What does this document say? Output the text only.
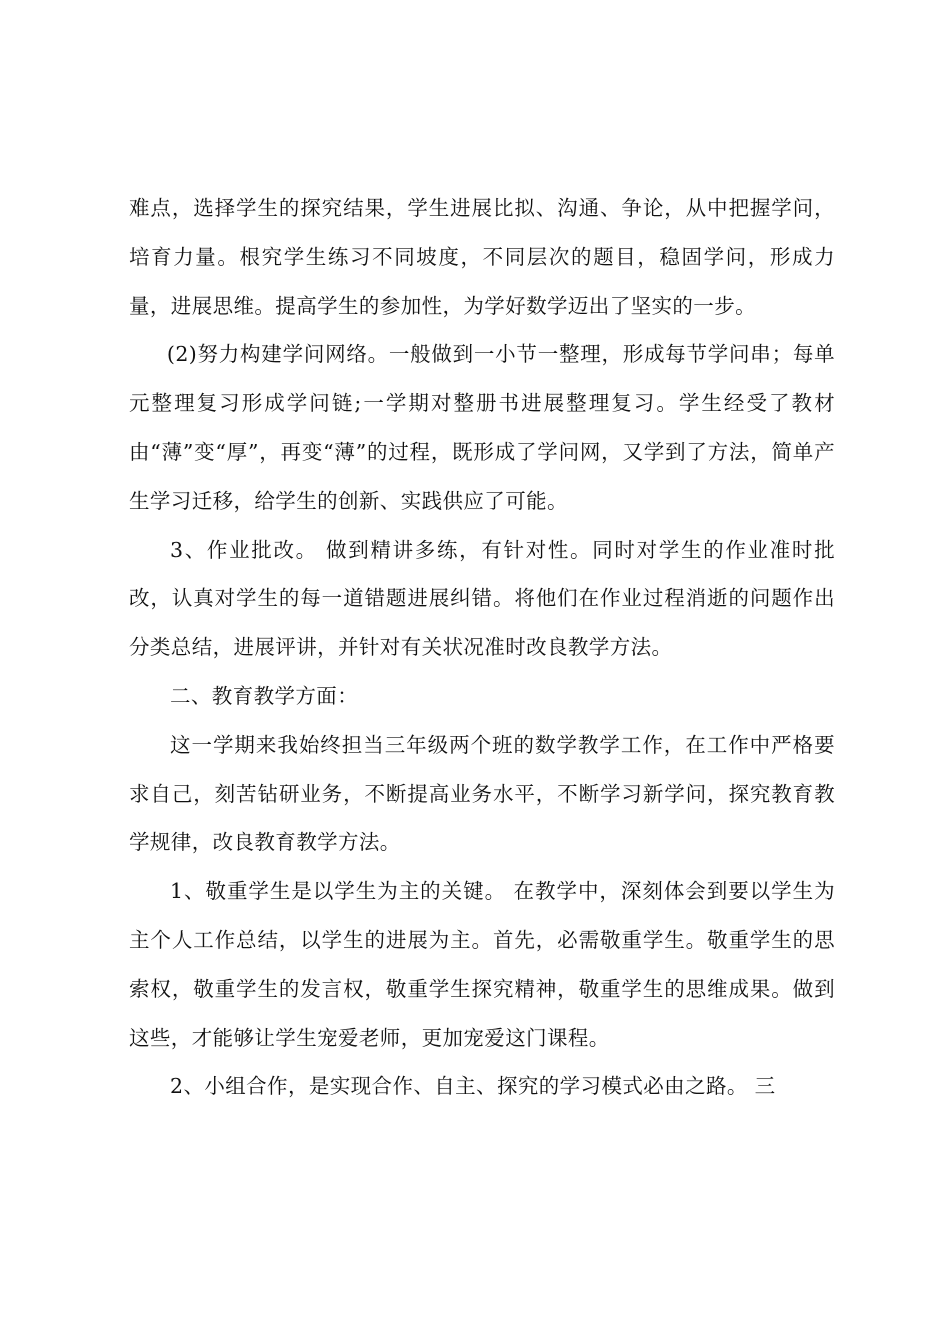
难点，选择学生的探究结果，学生进展比拟、沟通、争论，从中把握学问，培育力量。根究学生练习不同坡度，不同层次的题目，稳固学问，形成力量，进展思维。提高学生的参加性，为学好数学迈出了坚实的一步。

(2)努力构建学问网络。一般做到一小节一整理，形成每节学问串；每单元整理复习形成学问链;一学期对整册书进展整理复习。学生经受了教材由“薄”变“厚”，再变“薄”的过程，既形成了学问网，又学到了方法，简单产生学习迁移，给学生的创新、实践供应了可能。

3、作业批改。 做到精讲多练，有针对性。同时对学生的作业准时批改，认真对学生的每一道错题进展纠错。将他们在作业过程消逝的问题作出分类总结，进展评讲，并针对有关状况准时改良教学方法。

二、教育教学方面：

这一学期来我始终担当三年级两个班的数学教学工作，在工作中严格要求自己，刻苦钻研业务，不断提高业务水平，不断学习新学问，探究教育教学规律，改良教育教学方法。

1、敬重学生是以学生为主的关键。 在教学中，深刻体会到要以学生为主个人工作总结，以学生的进展为主。首先，必需敬重学生。敬重学生的思索权，敬重学生的发言权，敬重学生探究精神，敬重学生的思维成果。做到这些，才能够让学生宠爱老师，更加宠爱这门课程。

2、小组合作，是实现合作、自主、探究的学习模式必由之路。 三
